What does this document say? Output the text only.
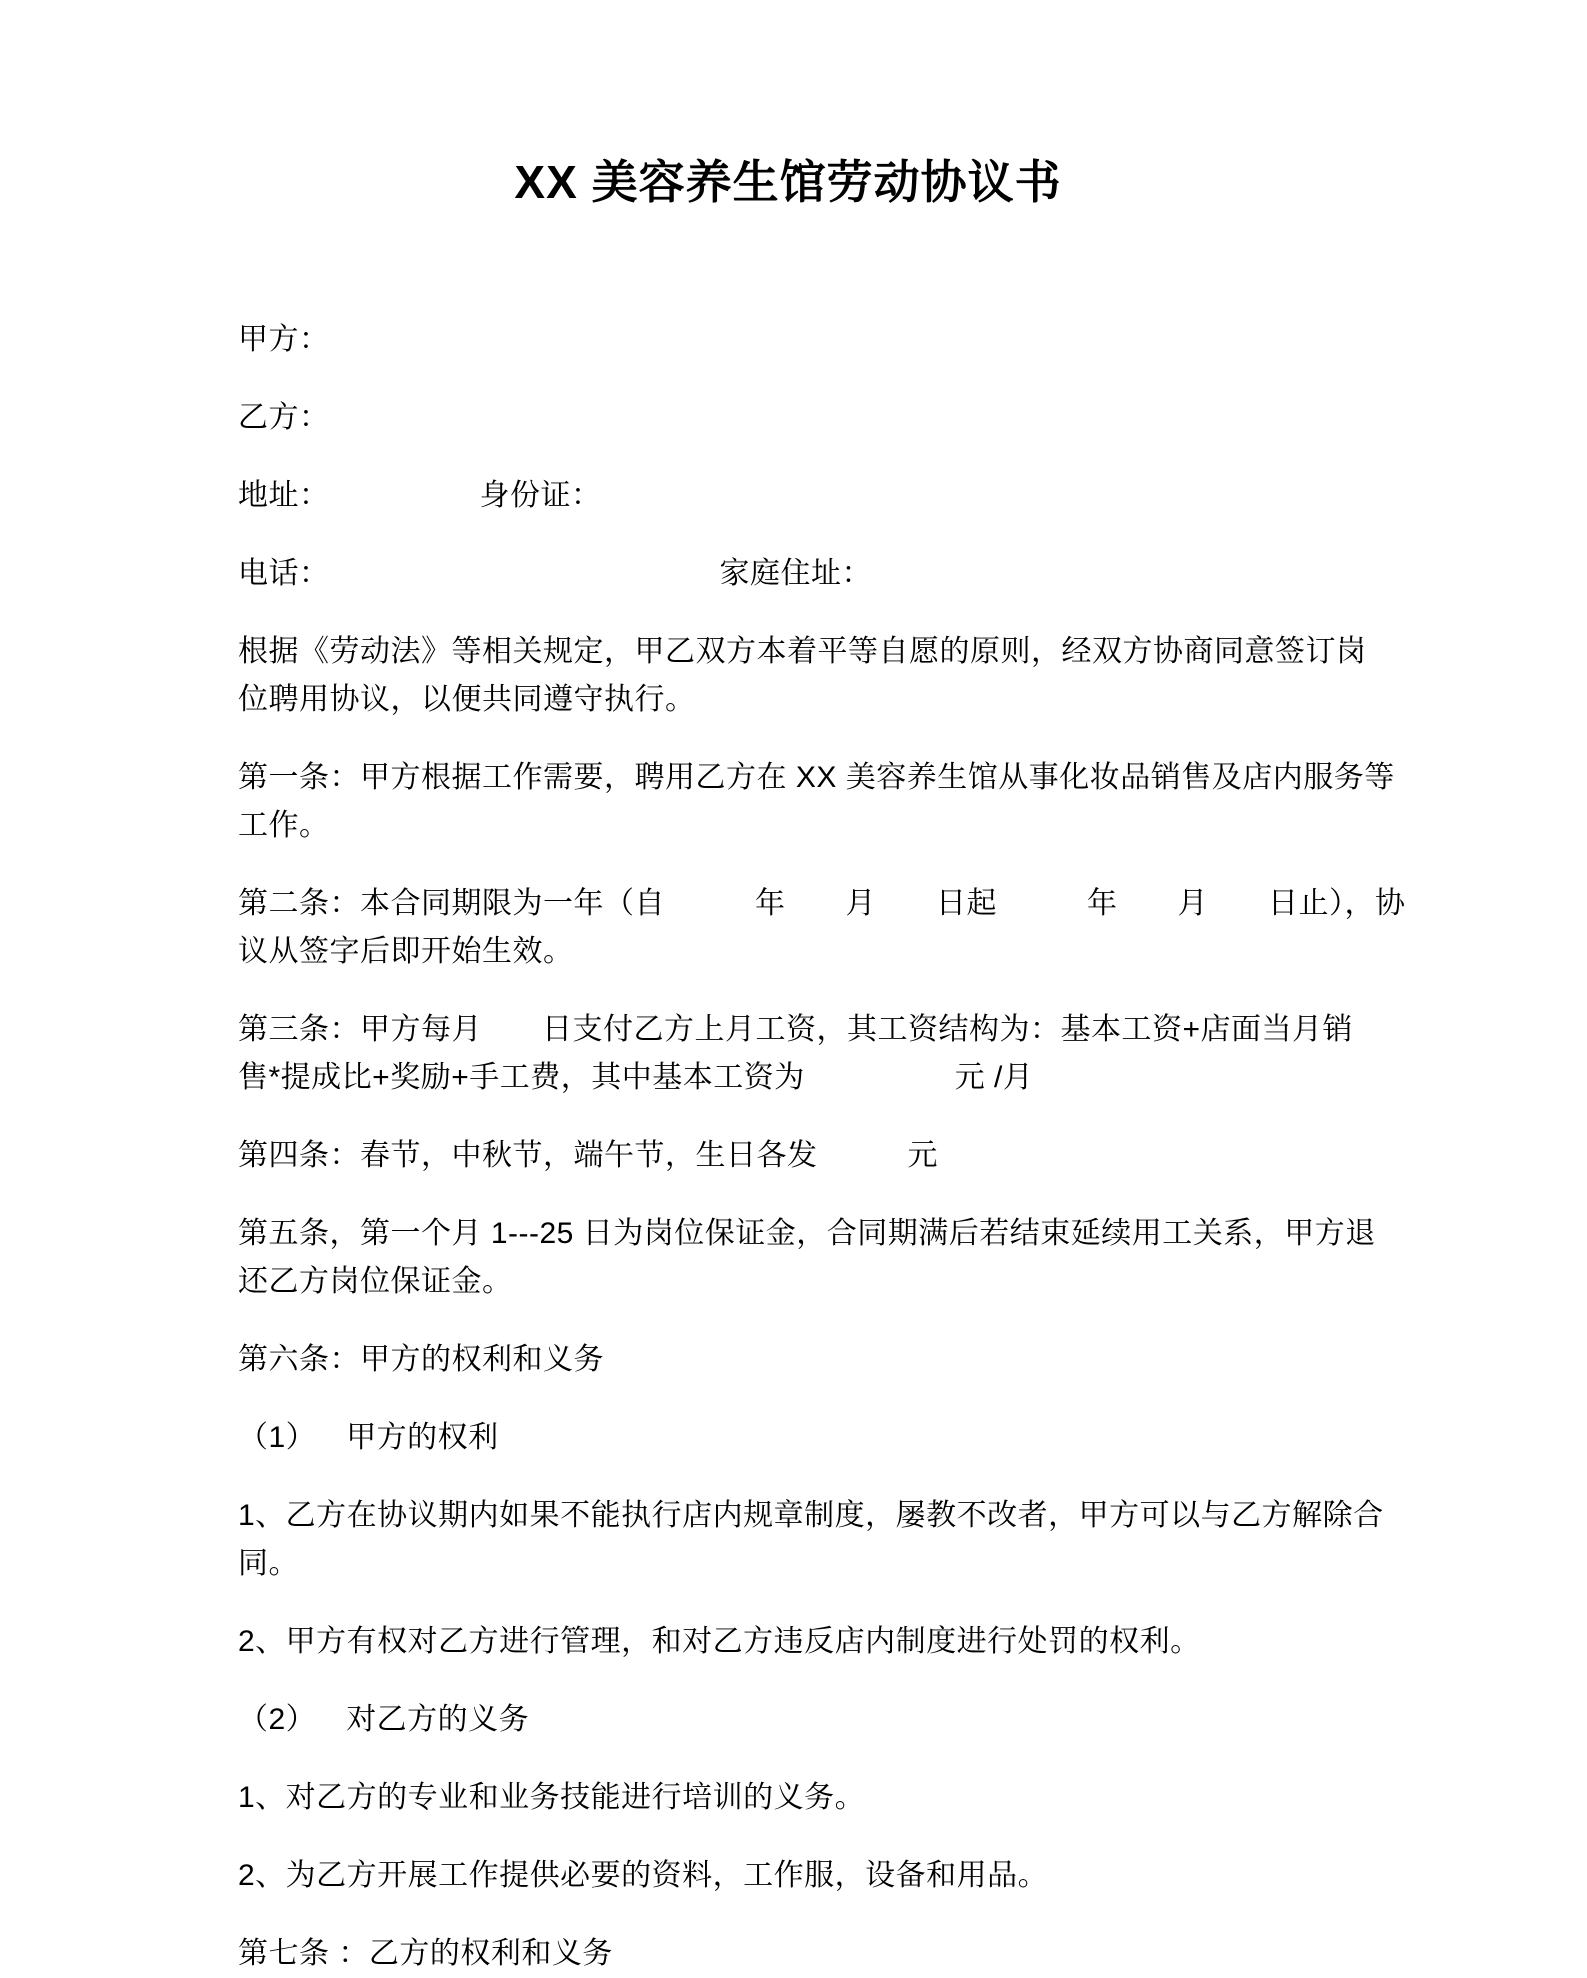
XX 美容养生馆劳动协议书
甲方：
乙方：
地址：	身份证：
电话：	家庭住址：
根据《劳动法》等相关规定，甲乙双方本着平等自愿的原则，经双方协商同意签订岗
位聘用协议，以便共同遵守执行。
第一条：甲方根据工作需要，聘用乙方在 XX 美容养生馆从事化妆品销售及店内服务等
工作。
第二条：本合同期限为一年（自	年 月 日起	年 月 日止），协
议从签字后即开始生效。
第三条：甲方每月 日支付乙方上月工资，其工资结构为：基本工资+店面当月销
售*提成比+奖励+手工费，其中基本工资为	元 /月
第四条：春节，中秋节，端午节，生日各发	元
第五条，第一个月 1---25 日为岗位保证金，合同期满后若结束延续用工关系，甲方退
还乙方岗位保证金。
第六条：甲方的权利和义务
（1） 甲方的权利
1、乙方在协议期内如果不能执行店内规章制度，屡教不改者，甲方可以与乙方解除合
同。
2、甲方有权对乙方进行管理，和对乙方违反店内制度进行处罚的权利。
（2） 对乙方的义务
1、对乙方的专业和业务技能进行培训的义务。
2、为乙方开展工作提供必要的资料，工作服，设备和用品。
第七条 ：乙方的权利和义务
